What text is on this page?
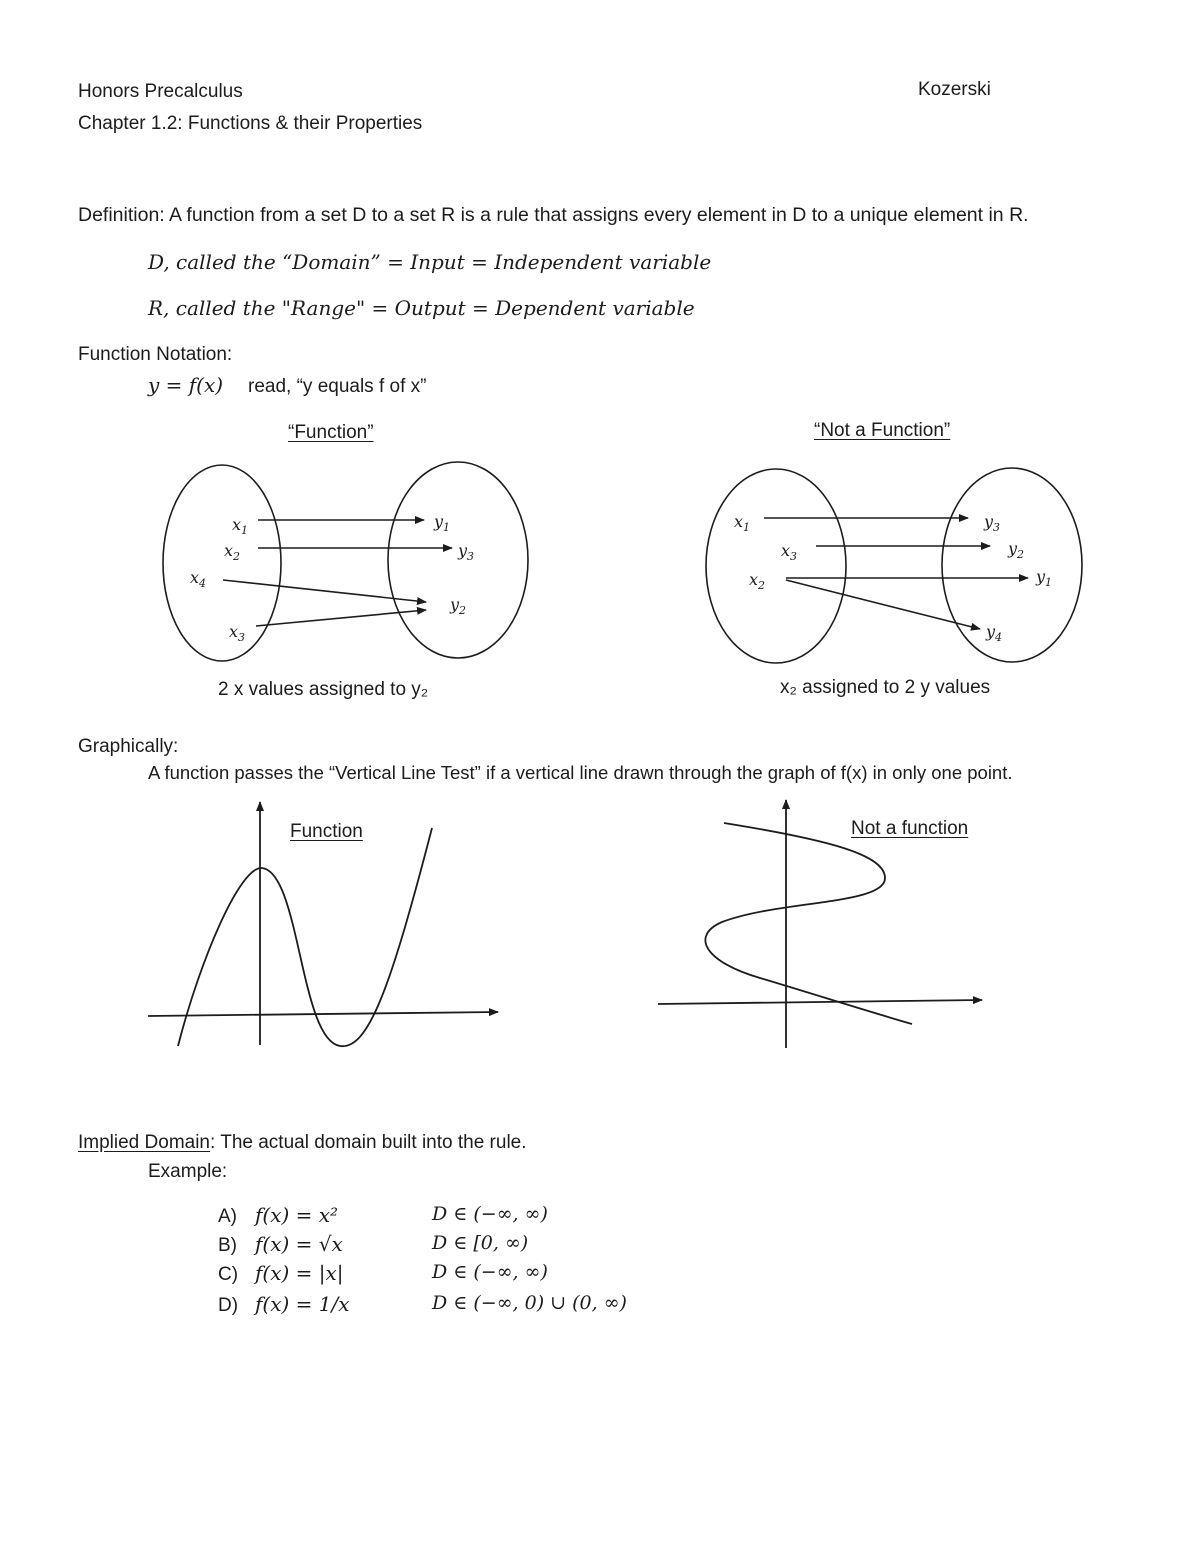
Honors Precalculus
Chapter 1.2: Functions & their Properties
Kozerski
Definition: A function from a set D to a set R is a rule that assigns every element in D to a unique element in R.
D, called the “Domain” = Input = Independent variable
R, called the "Range" = Output = Dependent variable
Function Notation:
y = f(x) read, “y equals f of x”
“Function”	“Not a Function”
$x_1$
$x_2$
$x_4$
$x_3$
$y_1$
$y_3$
$y_2$
$x_1$
$x_3$
$x_2$
$y_3$
$y_2$
$y_1$
$y_4$
2 x values assigned to y₂	x₂ assigned to 2 y values
Graphically:
A function passes the “Vertical Line Test” if a vertical line drawn through the graph of f(x) in only one point.
Function	Not a function
Implied Domain: The actual domain built into the rule.
Example:
A) f(x) = x²	D ∈ (−∞, ∞)
B) f(x) = √x	D ∈ [0, ∞)
C) f(x) = |x|	D ∈ (−∞, ∞)
D) f(x) = 1/x	D ∈ (−∞, 0) ∪ (0, ∞)
